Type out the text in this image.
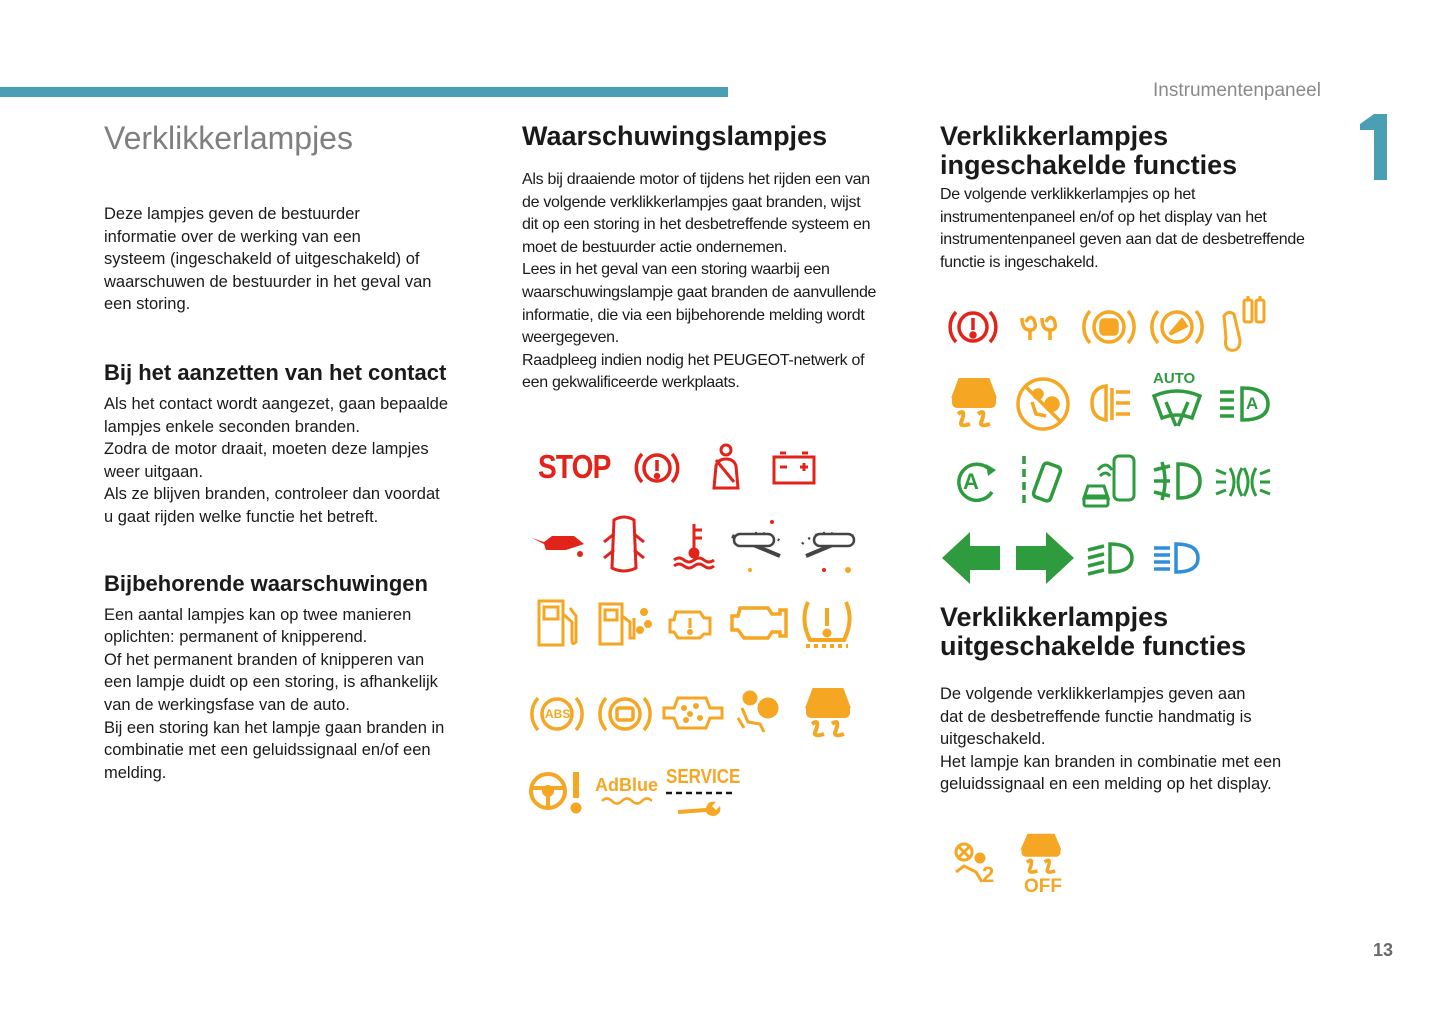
Instrumentenpaneel
13
Verklikkerlampjes

Deze lampjes geven de bestuurder
informatie over de werking van een
systeem (ingeschakeld of uitgeschakeld) of
waarschuwen de bestuurder in het geval van
een storing.

Bij het aanzetten van het contact

Als het contact wordt aangezet, gaan bepaalde
lampjes enkele seconden branden.
Zodra de motor draait, moeten deze lampjes
weer uitgaan.
Als ze blijven branden, controleer dan voordat
u gaat rijden welke functie het betreft.

Bijbehorende waarschuwingen

Een aantal lampjes kan op twee manieren
oplichten: permanent of knipperend.
Of het permanent branden of knipperen van
een lampje duidt op een storing, is afhankelijk
van de werkingsfase van de auto.
Bij een storing kan het lampje gaan branden in
combinatie met een geluidssignaal en/of een
melding.

Waarschuwingslampjes

Als bij draaiende motor of tijdens het rijden een van
de volgende verklikkerlampjes gaat branden, wijst
dit op een storing in het desbetreffende systeem en
moet de bestuurder actie ondernemen.
Lees in het geval van een storing waarbij een
waarschuwingslampje gaat branden de aanvullende
informatie, die via een bijbehorende melding wordt
weergegeven.
Raadpleeg indien nodig het PEUGEOT-netwerk of
een gekwalificeerde werkplaats.

STOP
ABS
AdBlue SERVICE
Verklikkerlampjes
ingeschakelde functies

De volgende verklikkerlampjes op het
instrumentenpaneel en/of op het display van het
instrumentenpaneel geven aan dat de desbetreffende
functie is ingeschakeld.

AUTO
A
A
Verklikkerlampjes
uitgeschakelde functies

De volgende verklikkerlampjes geven aan
dat de desbetreffende functie handmatig is
uitgeschakeld.
Het lampje kan branden in combinatie met een
geluidssignaal en een melding op het display.

2 OFF
